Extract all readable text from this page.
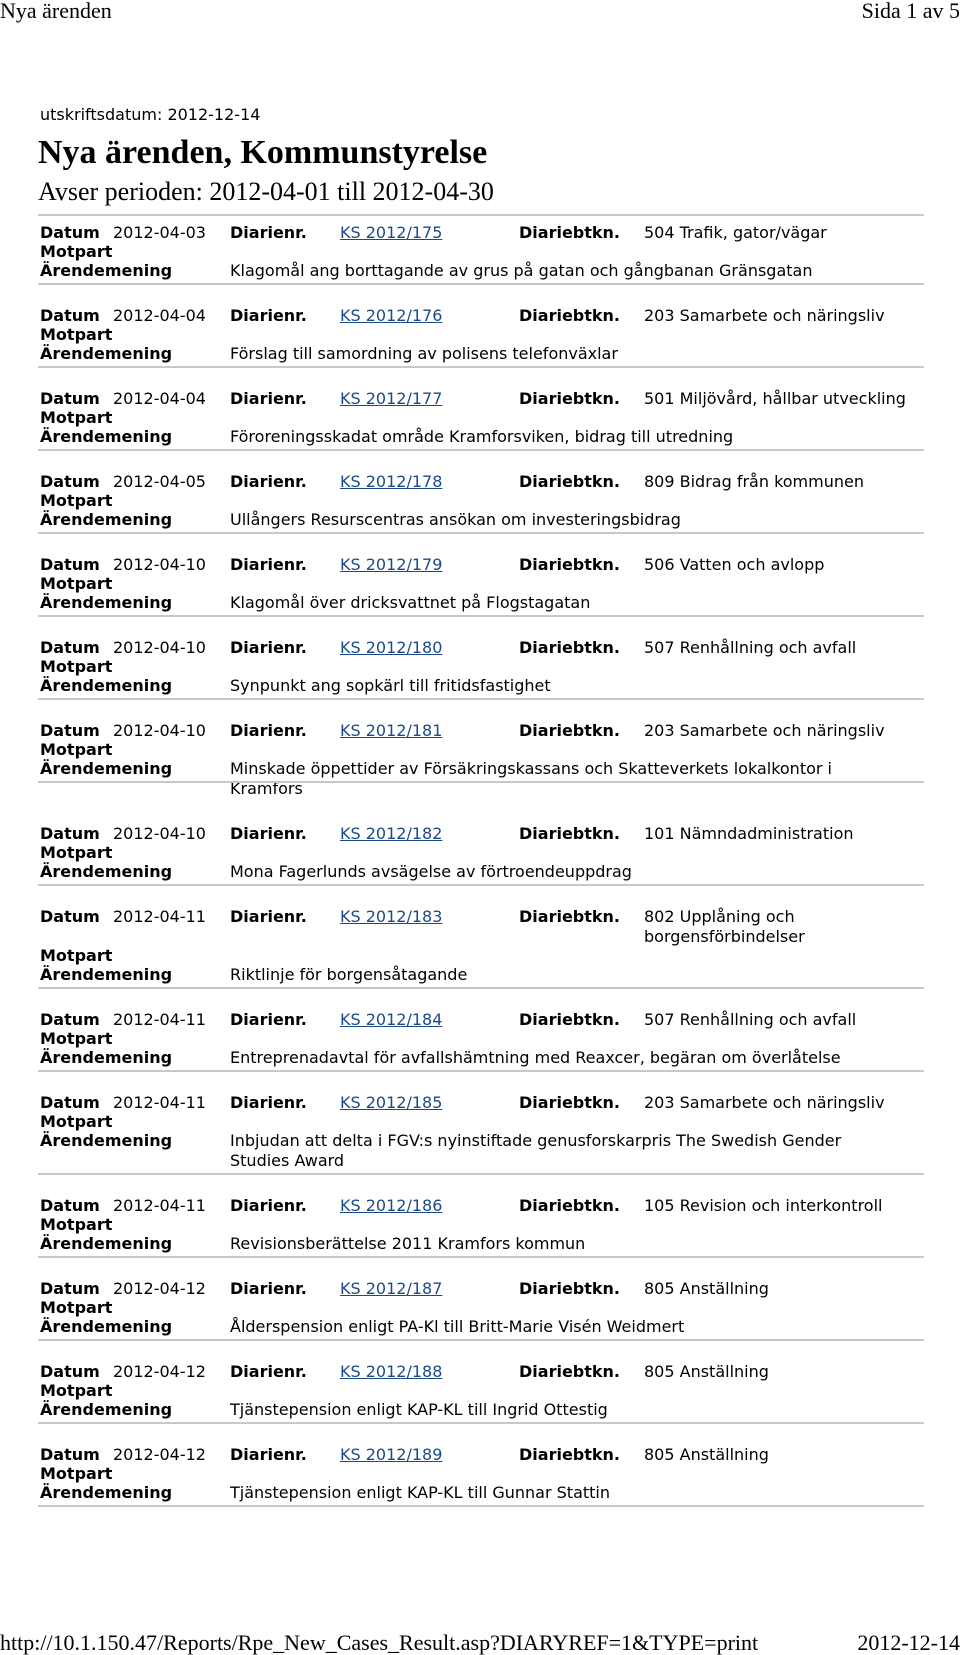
Nya ärenden	Sida 1 av 5
utskriftsdatum: 2012-12-14
Nya ärenden, Kommunstyrelse
Avser perioden: 2012-04-01 till 2012-04-30
Datum 2012-04-03 Diarienr. KS 2012/175	Diariebtkn. 504 Trafik, gator/vägar
Motpart
Ärendemening	Klagomål ang borttagande av grus på gatan och gångbanan Gränsgatan
Datum 2012-04-04 Diarienr. KS 2012/176	Diariebtkn. 203 Samarbete och näringsliv
Motpart
Ärendemening	Förslag till samordning av polisens telefonväxlar
Datum 2012-04-04 Diarienr. KS 2012/177	Diariebtkn. 501 Miljövård, hållbar utveckling
Motpart
Ärendemening	Föroreningsskadat område Kramforsviken, bidrag till utredning
Datum 2012-04-05 Diarienr. KS 2012/178	Diariebtkn. 809 Bidrag från kommunen
Motpart
Ärendemening	Ullångers Resurscentras ansökan om investeringsbidrag
Datum 2012-04-10 Diarienr. KS 2012/179	Diariebtkn. 506 Vatten och avlopp
Motpart
Ärendemening	Klagomål över dricksvattnet på Flogstagatan
Datum 2012-04-10 Diarienr. KS 2012/180	Diariebtkn. 507 Renhållning och avfall
Motpart
Ärendemening	Synpunkt ang sopkärl till fritidsfastighet
Datum 2012-04-10 Diarienr. KS 2012/181	Diariebtkn. 203 Samarbete och näringsliv
Motpart
Ärendemening	Minskade öppettider av Försäkringskassans och Skatteverkets lokalkontor i Kramfors
Datum 2012-04-10 Diarienr. KS 2012/182	Diariebtkn. 101 Nämndadministration
Motpart
Ärendemening	Mona Fagerlunds avsägelse av förtroendeuppdrag
Datum 2012-04-11 Diarienr. KS 2012/183	Diariebtkn. 802 Upplåning och borgensförbindelser
Motpart
Ärendemening	Riktlinje för borgensåtagande
Datum 2012-04-11 Diarienr. KS 2012/184	Diariebtkn. 507 Renhållning och avfall
Motpart
Ärendemening	Entreprenadavtal för avfallshämtning med Reaxcer, begäran om överlåtelse
Datum 2012-04-11 Diarienr. KS 2012/185	Diariebtkn. 203 Samarbete och näringsliv
Motpart
Ärendemening	Inbjudan att delta i FGV:s nyinstiftade genusforskarpris The Swedish Gender Studies Award
Datum 2012-04-11 Diarienr. KS 2012/186	Diariebtkn. 105 Revision och interkontroll
Motpart
Ärendemening	Revisionsberättelse 2011 Kramfors kommun
Datum 2012-04-12 Diarienr. KS 2012/187	Diariebtkn. 805 Anställning
Motpart
Ärendemening	Ålderspension enligt PA-Kl till Britt-Marie Visén Weidmert
Datum 2012-04-12 Diarienr. KS 2012/188	Diariebtkn. 805 Anställning
Motpart
Ärendemening	Tjänstepension enligt KAP-KL till Ingrid Ottestig
Datum 2012-04-12 Diarienr. KS 2012/189	Diariebtkn. 805 Anställning
Motpart
Ärendemening	Tjänstepension enligt KAP-KL till Gunnar Stattin
http://10.1.150.47/Reports/Rpe_New_Cases_Result.asp?DIARYREF=1&TYPE=print	2012-12-14
